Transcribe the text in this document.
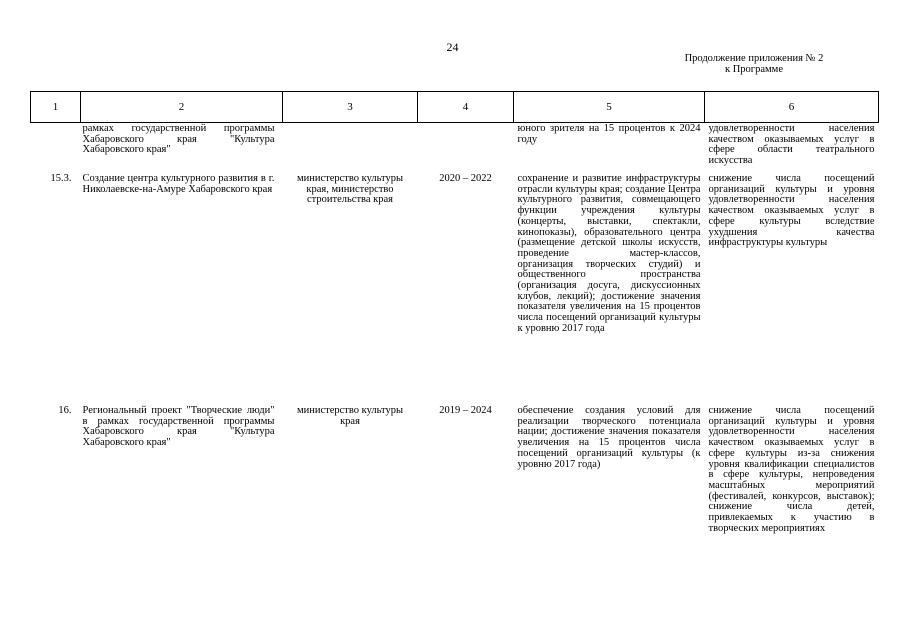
24
Продолжение приложения № 2
к Программе
1	2	3	4	5	6
	рамках государственной программы Хабаровского края "Культура Хабаровского края"			юного зрителя на 15 процентов к 2024 году	удовлетворенности населения качеством оказываемых услуг в сфере области театрального искусства
15.3.	Создание центра культурного развития в г. Николаевске-на-Амуре Хабаровского края	министерство культуры края, министерство строительства края	2020 – 2022	сохранение и развитие инфраструктуры отрасли культуры края; создание Центра культурного развития, совмещающего функции учреждения культуры (концерты, выставки, спектакли, кинопоказы), образовательного центра (размещение детской школы искусств, проведение мастер-классов, организация творческих студий) и общественного пространства (организация досуга, дискуссионных клубов, лекций); достижение значения показателя увеличения на 15 процентов числа посещений организаций культуры к уровню 2017 года	снижение числа посещений организаций культуры и уровня удовлетворенности населения качеством оказываемых услуг в сфере культуры вследствие ухудшения качества инфраструктуры культуры
16.	Региональный проект "Творческие люди" в рамках государственной программы Хабаровского края "Культура Хабаровского края"	министерство культуры края	2019 – 2024	обеспечение создания условий для реализации творческого потенциала нации; достижение значения показателя увеличения на 15 процентов числа посещений организаций культуры (к уровню 2017 года)	снижение числа посещений организаций культуры и уровня удовлетворенности населения качеством оказываемых услуг в сфере культуры из-за снижения уровня квалификации специалистов в сфере культуры, непроведения масштабных мероприятий (фестивалей, конкурсов, выставок); снижение числа детей, привлекаемых к участию в творческих мероприятиях
